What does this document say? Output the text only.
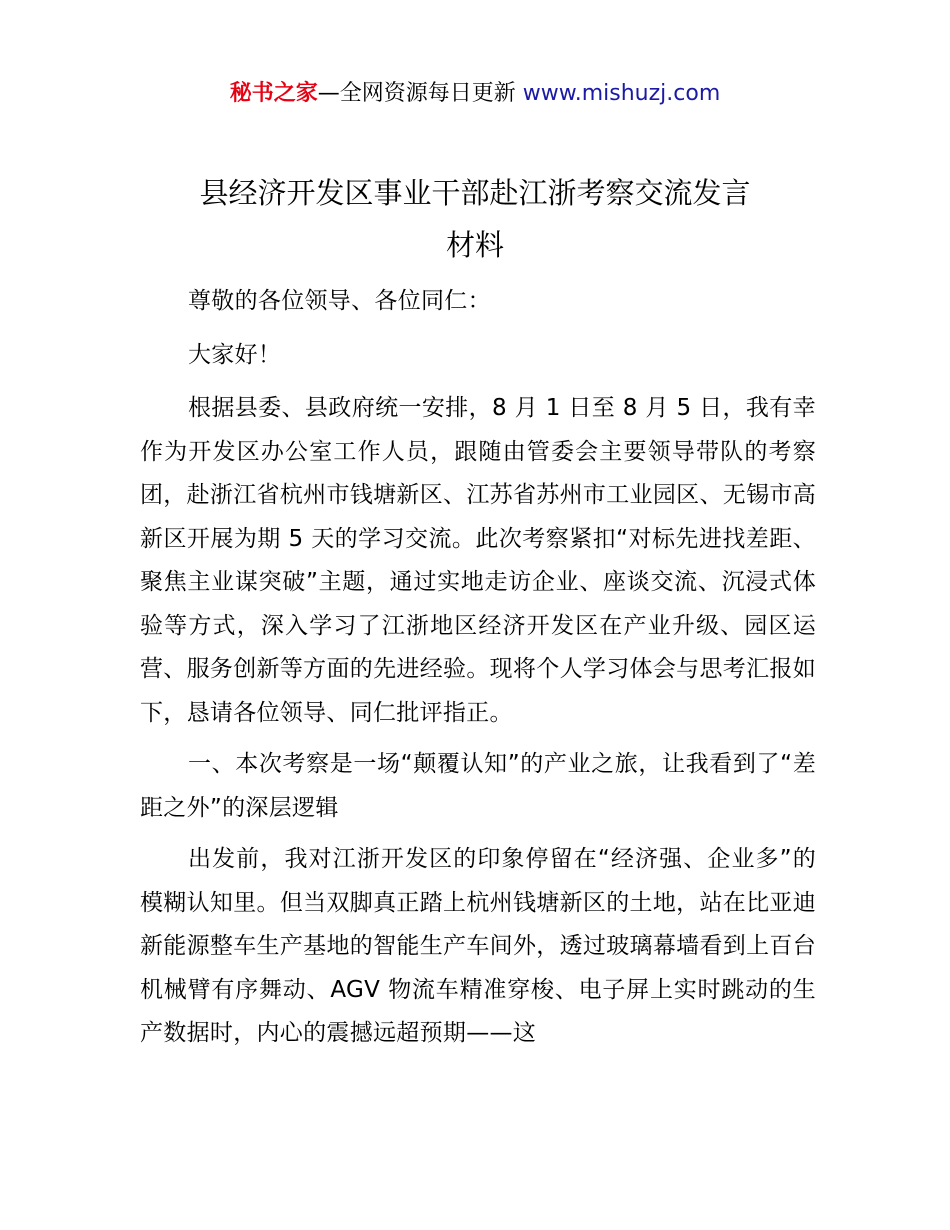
秘书之家—全网资源每日更新 www.mishuzj.com
县经济开发区事业干部赴江浙考察交流发言
材料

尊敬的各位领导、各位同仁：

大家好！

根据县委、县政府统一安排，8 月 1 日至 8 月 5 日，我有幸作为开发区办公室工作人员，跟随由管委会主要领导带队的考察团，赴浙江省杭州市钱塘新区、江苏省苏州市工业园区、无锡市高新区开展为期 5 天的学习交流。此次考察紧扣“对标先进找差距、聚焦主业谋突破”主题，通过实地走访企业、座谈交流、沉浸式体验等方式，深入学习了江浙地区经济开发区在产业升级、园区运营、服务创新等方面的先进经验。现将个人学习体会与思考汇报如下，恳请各位领导、同仁批评指正。

一、本次考察是一场“颠覆认知”的产业之旅，让我看到了“差距之外”的深层逻辑

出发前，我对江浙开发区的印象停留在“经济强、企业多”的模糊认知里。但当双脚真正踏上杭州钱塘新区的土地，站在比亚迪新能源整车生产基地的智能生产车间外，透过玻璃幕墙看到上百台机械臂有序舞动、AGV 物流车精准穿梭、电子屏上实时跳动的生产数据时，内心的震撼远超预期——这
